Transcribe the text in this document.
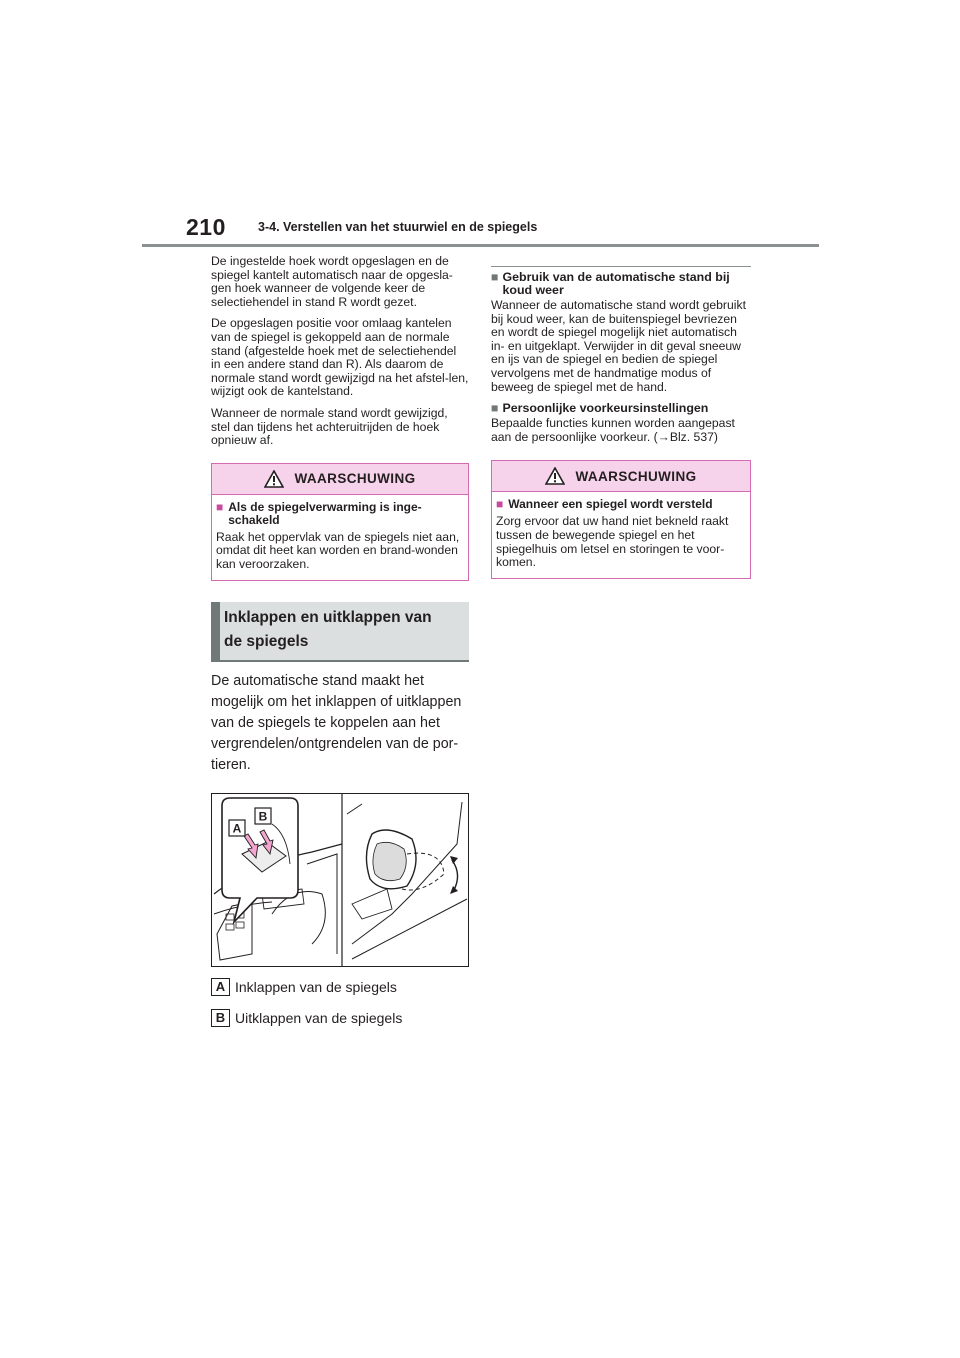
210	3-4. Verstellen van het stuurwiel en de spiegels

De ingestelde hoek wordt opgeslagen en de spiegel kantelt automatisch naar de opgesla-gen hoek wanneer de volgende keer de selectiehendel in stand R wordt gezet.

De opgeslagen positie voor omlaag kantelen van de spiegel is gekoppeld aan de normale stand (afgestelde hoek met de selectiehendel in een andere stand dan R). Als daarom de normale stand wordt gewijzigd na het afstel-len, wijzigt ook de kantelstand.

Wanneer de normale stand wordt gewijzigd, stel dan tijdens het achteruitrijden de hoek opnieuw af.

WAARSCHUWING
■ Als de spiegelverwarming is inge-schakeld
Raak het oppervlak van de spiegels niet aan, omdat dit heet kan worden en brand-wonden kan veroorzaken.
Inklappen en uitklappen van
de spiegels
De automatische stand maakt het mogelijk om het inklappen of uitklappen van de spiegels te koppelen aan het vergrendelen/ontgrendelen van de por-tieren.
A
B
A Inklappen van de spiegels
B Uitklappen van de spiegels
■ Gebruik van de automatische stand bij koud weer

Wanneer de automatische stand wordt gebruikt bij koud weer, kan de buitenspiegel bevriezen en wordt de spiegel mogelijk niet automatisch in- en uitgeklapt. Verwijder in dit geval sneeuw en ijs van de spiegel en bedien de spiegel vervolgens met de handmatige modus of beweeg de spiegel met de hand.

■ Persoonlijke voorkeursinstellingen

Bepaalde functies kunnen worden aangepast aan de persoonlijke voorkeur. (→Blz. 537)

WAARSCHUWING
■ Wanneer een spiegel wordt versteld
Zorg ervoor dat uw hand niet bekneld raakt tussen de bewegende spiegel en het spiegelhuis om letsel en storingen te voor-komen.
